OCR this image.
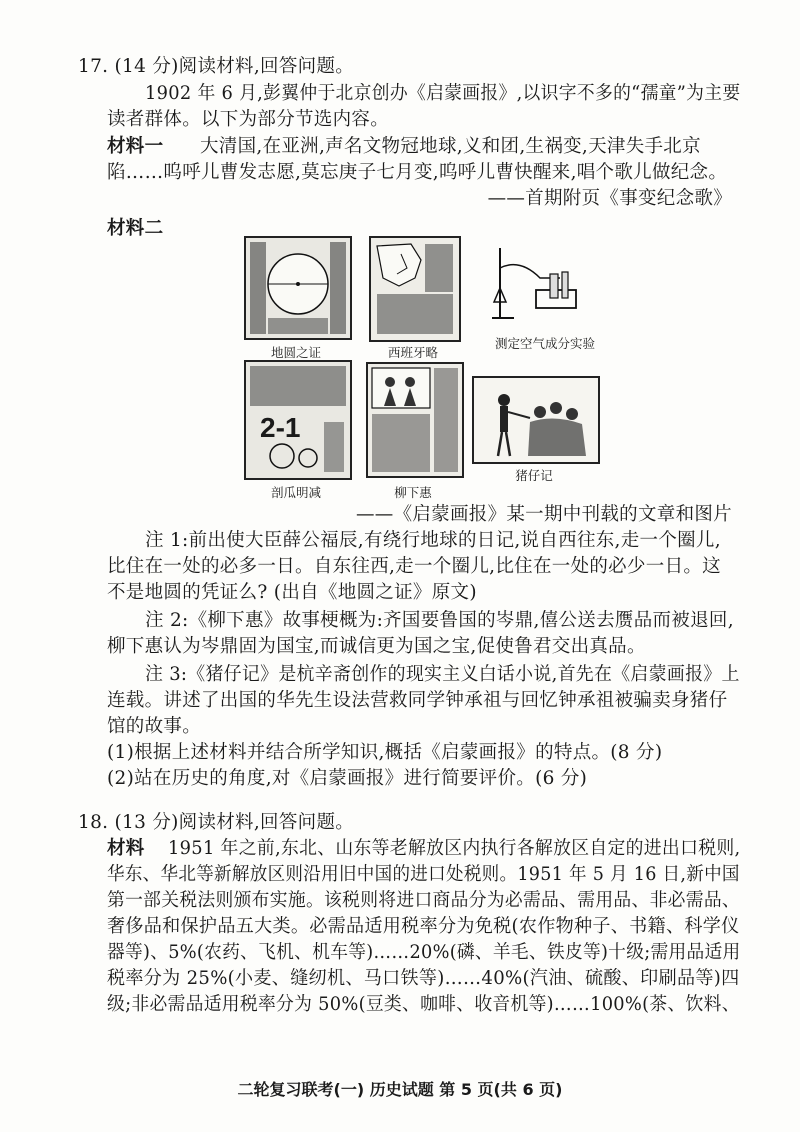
17. (14 分)阅读材料,回答问题。
1902 年 6 月,彭翼仲于北京创办《启蒙画报》,以识字不多的“孺童”为主要
读者群体。以下为部分节选内容。
材料一 大清国,在亚洲,声名文物冠地球,义和团,生祸变,天津失手北京
陷……呜呼儿曹发志愿,莫忘庚子七月变,呜呼儿曹快醒来,唱个歌儿做纪念。
——首期附页《事变纪念歌》
材料二
地圆之证	西班牙略
测定空气成分实验
2-1
剖瓜明减	柳下惠
猪仔记
——《启蒙画报》某一期中刊载的文章和图片
注 1:前出使大臣薛公福辰,有绕行地球的日记,说自西往东,走一个圈儿,
比住在一处的必多一日。自东往西,走一个圈儿,比住在一处的必少一日。这
不是地圆的凭证么? (出自《地圆之证》原文)
注 2:《柳下惠》故事梗概为:齐国要鲁国的岑鼎,僖公送去赝品而被退回,
柳下惠认为岑鼎固为国宝,而诚信更为国之宝,促使鲁君交出真品。
注 3:《猪仔记》是杭辛斋创作的现实主义白话小说,首先在《启蒙画报》上
连载。讲述了出国的华先生设法营救同学钟承祖与回忆钟承祖被骗卖身猪仔
馆的故事。
(1)根据上述材料并结合所学知识,概括《启蒙画报》的特点。(8 分)
(2)站在历史的角度,对《启蒙画报》进行简要评价。(6 分)
18. (13 分)阅读材料,回答问题。
材料 1951 年之前,东北、山东等老解放区内执行各解放区自定的进出口税则,
华东、华北等新解放区则沿用旧中国的进口处税则。1951 年 5 月 16 日,新中国
第一部关税法则颁布实施。该税则将进口商品分为必需品、需用品、非必需品、
奢侈品和保护品五大类。必需品适用税率分为免税(农作物种子、书籍、科学仪
器等)、5%(农药、飞机、机车等)……20%(磷、羊毛、铁皮等)十级;需用品适用
税率分为 25%(小麦、缝纫机、马口铁等)……40%(汽油、硫酸、印刷品等)四
级;非必需品适用税率分为 50%(豆类、咖啡、收音机等)……100%(茶、饮料、
二轮复习联考(一) 历史试题 第 5 页(共 6 页)
